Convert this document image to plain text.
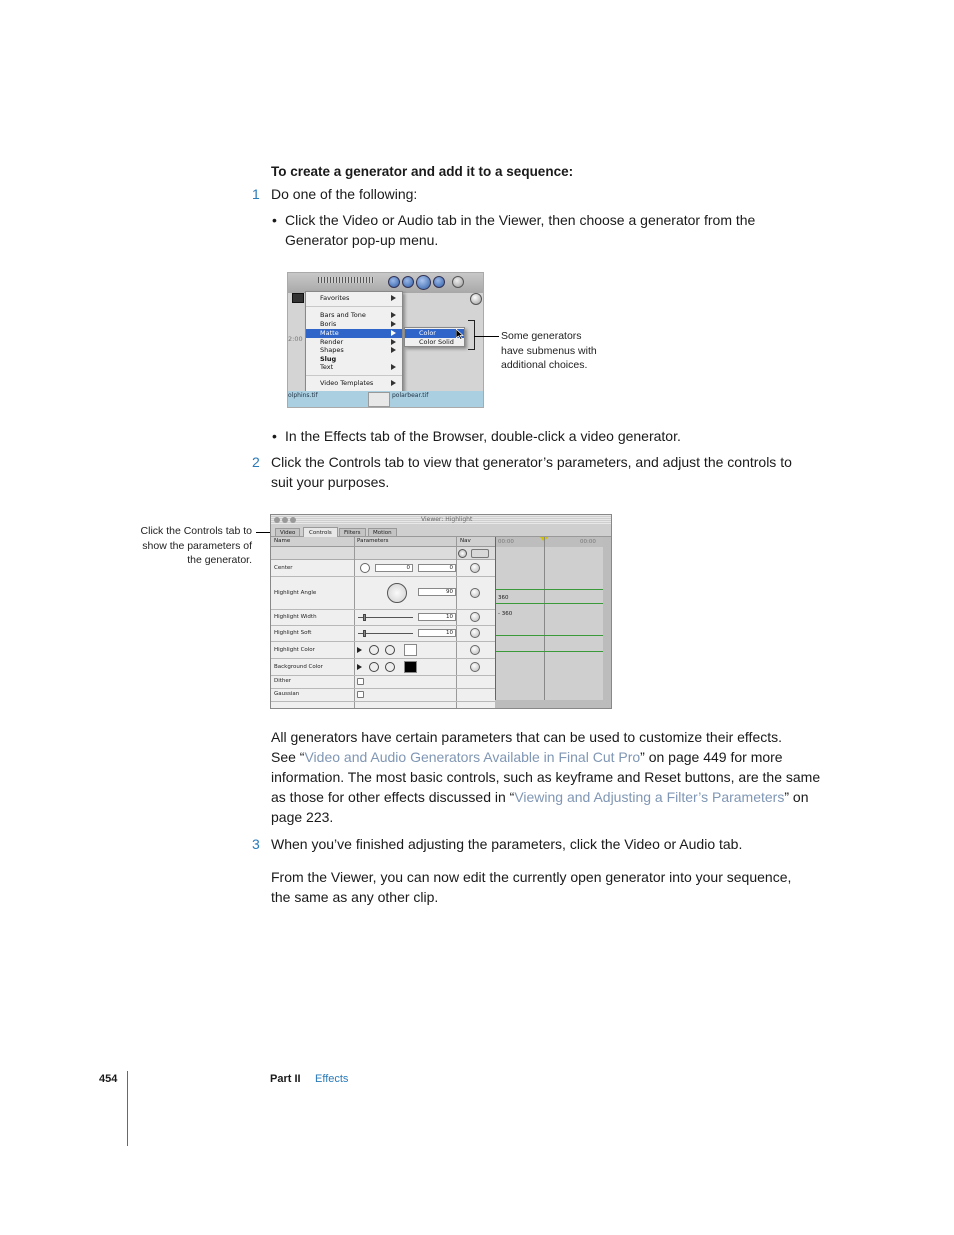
To create a generator and add it to a sequence:
1 Do one of the following:
• Click the Video or Audio tab in the Viewer, then choose a generator from the
Generator pop-up menu.
2:00
Favorites
Bars and Tone
Boris
Matte
Render
Shapes
Slug
Text
Video Templates
Color
Color Solid
olphins.tif	polarbear.tif
Some generators
have submenus with
additional choices.
• In the Effects tab of the Browser, double-click a video generator.
2 Click the Controls tab to view that generator’s parameters, and adjust the controls to
suit your purposes.
Click the Controls tab to
show the parameters of
the generator.
Viewer: Highlight
Video	Controls	Filters	Motion
Name	Parameters	Nav
Center	0	0
Highlight Angle	90
Highlight Width	10
Highlight Soft	10
Highlight Color
Background Color
Dither
Gaussian
00:00	00:00
360
- 360
All generators have certain parameters that can be used to customize their effects.
See “Video and Audio Generators Available in Final Cut Pro” on page 449 for more
information. The most basic controls, such as keyframe and Reset buttons, are the same
as those for other effects discussed in “Viewing and Adjusting a Filter’s Parameters” on
page 223.
3 When you’ve finished adjusting the parameters, click the Video or Audio tab.
From the Viewer, you can now edit the currently open generator into your sequence,
the same as any other clip.
454	Part II Effects
